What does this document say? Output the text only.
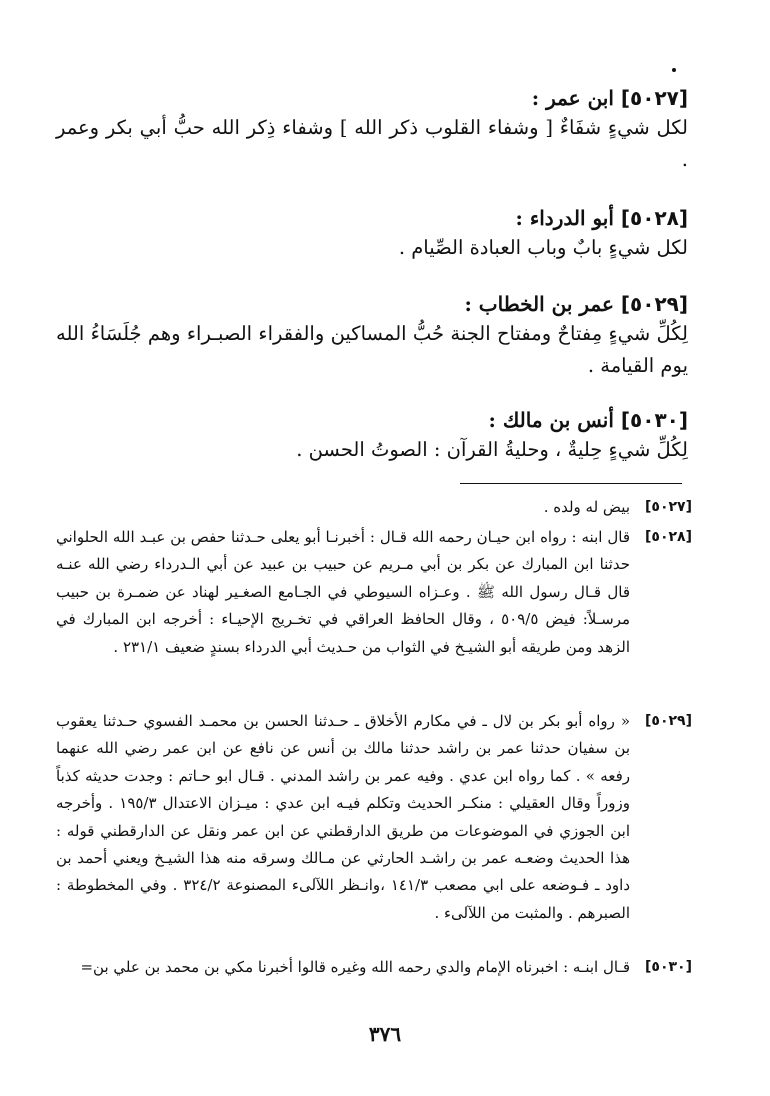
[٥٠٢٧] ابن عمر :
لكل شيءٍ شفَاءٌ [ وشفاء القلوب ذكر الله ] وشفاء ذِكر الله حبُّ أبي بكر وعمر .
[٥٠٢٨] أبو الدرداء :
لكل شيءٍ بابٌ وباب العبادة الصِّيام .
[٥٠٢٩] عمر بن الخطاب :
لِكُلِّ شيءٍ مِفتاحٌ ومفتاح الجنة حُبُّ المساكين والفقراء الصبـراء وهم جُلَسَاءُ الله يوم القيامة .
[٥٠٣٠] أنس بن مالك :
لِكُلِّ شيءٍ حِليةٌ ، وحليةُ القرآن : الصوتُ الحسن .
[٥٠٢٧]
بيض له ولده .
[٥٠٢٨]
قال ابنه : رواه ابن حيـان رحمه الله قـال : أخبرنـا أبو يعلى حـدثنا حفص بن عبـد الله الحلواني حدثنا ابن المبارك عن بكر بن أبي مـريم عن حبيب بن عبيد عن أبي الـدرداء رضي الله عنـه قال قـال رسول الله ﷺ . وعـزاه السيوطي في الجـامع الصغـير لهناد عن ضمـرة بن حبيب مرسـلاً: فيض ٥٠٩/٥ ، وقال الحافظ العراقي في تخـريج الإحيـاء : أخرجه ابن المبارك في الزهد ومن طريقه أبو الشيـخ في الثواب من حـديث أبي الدرداء بسندٍ ضعيف ٢٣١/١ .
[٥٠٢٩]
« رواه أبو بكر بن لال ـ في مكارم الأخلاق ـ حـدثنا الحسن بن محمـد الفسوي حـدثنا يعقوب بن سفيان حدثنا عمر بن راشد حدثنا مالك بن أنس عن نافع عن ابن عمر رضي الله عنهما رفعه » . كما رواه ابن عدي . وفيه عمر بن راشد المدني . قـال ابو حـاتم : وجدت حديثه كذباً وزوراً وقال العقيلي : منكـر الحديث وتكلم فيـه ابن عدي : ميـزان الاعتدال ١٩٥/٣ . وأخرجه ابن الجوزي في الموضوعات من طريق الدارقطني عن ابن عمر ونقل عن الدارقطني قوله : هذا الحديث وضعـه عمر بن راشـد الحارثي عن مـالك وسرقه منه هذا الشيـخ ويعني أحمد بن داود ـ فـوضعه على ابي مصعب ١٤١/٣ ،وانـظر اللآلىء المصنوعة ٣٢٤/٢ . وفي المخطوطة : الصبرهم . والمثبت من اللآلىء .
[٥٠٣٠]
قـال ابنـه : اخبرناه الإمام والدي رحمه الله وغيره قالوا أخبرنا مكي بن محمد بن علي بن=
٣٧٦
